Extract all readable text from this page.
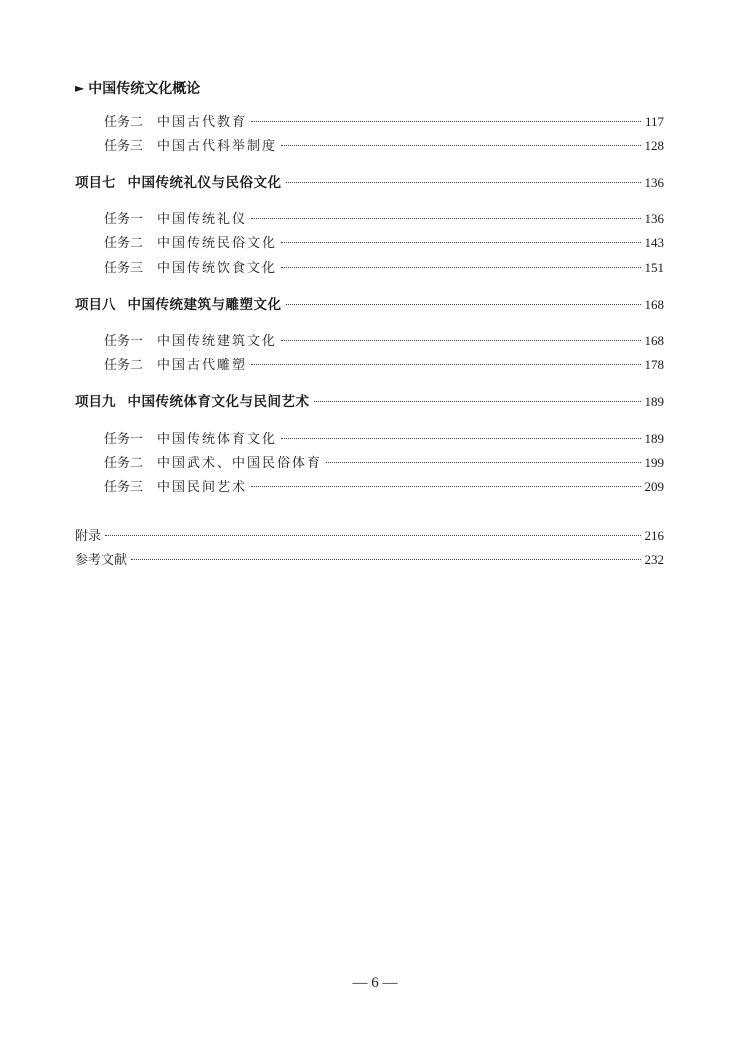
► 中国传统文化概论
任务二 中国古代教育	117
任务三 中国古代科举制度	128
项目七 中国传统礼仪与民俗文化	136
任务一 中国传统礼仪	136
任务二 中国传统民俗文化	143
任务三 中国传统饮食文化	151
项目八 中国传统建筑与雕塑文化	168
任务一 中国传统建筑文化	168
任务二 中国古代雕塑	178
项目九 中国传统体育文化与民间艺术	189
任务一 中国传统体育文化	189
任务二 中国武术、中国民俗体育	199
任务三 中国民间艺术	209
附录	216
参考文献	232
— 6 —
